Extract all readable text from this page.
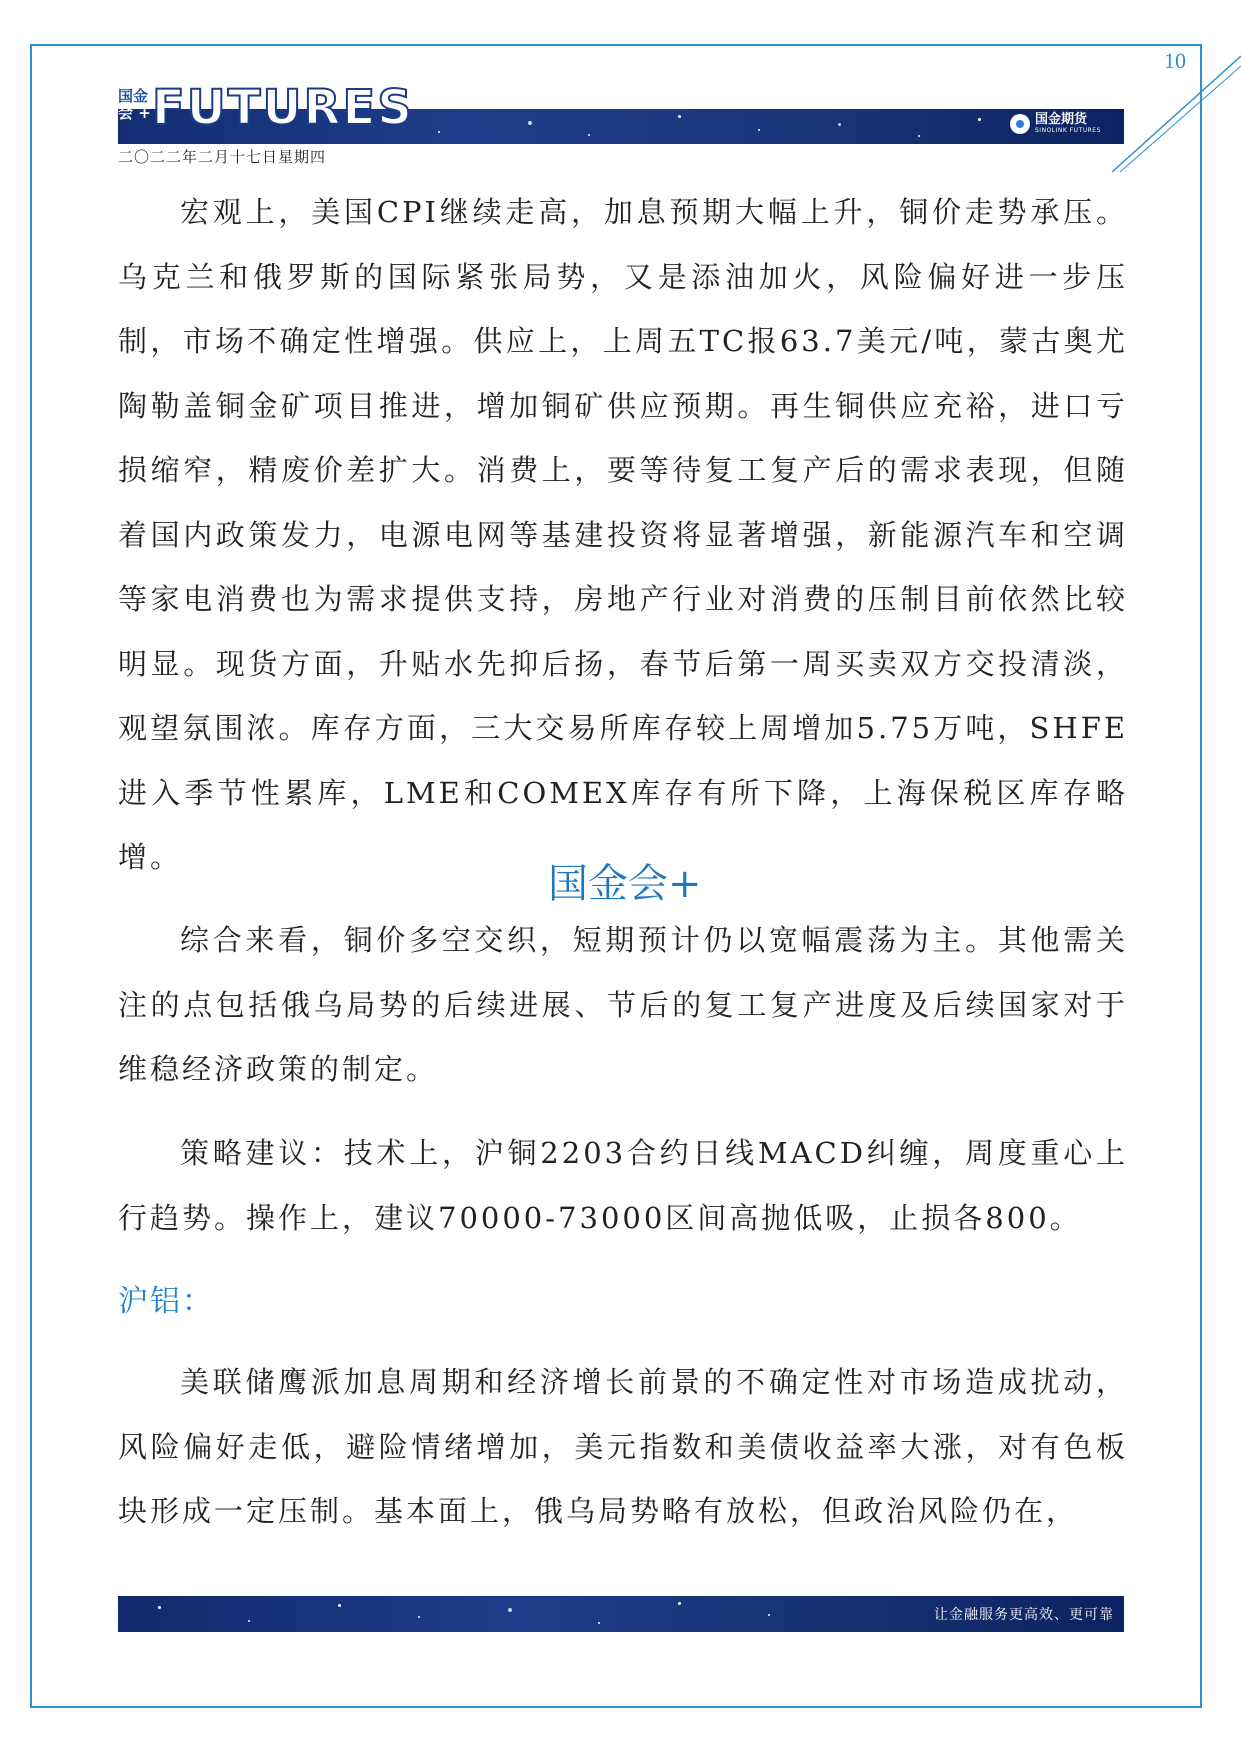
10
国金
会 + FUTURES	国金期货
SINOLINK FUTURES
二〇二二年二月十七日星期四

宏观上，美国CPI继续走高，加息预期大幅上升，铜价走势承压。乌克兰和俄罗斯的国际紧张局势，又是添油加火，风险偏好进一步压制，市场不确定性增强。供应上，上周五TC报63.7美元/吨，蒙古奥尤陶勒盖铜金矿项目推进，增加铜矿供应预期。再生铜供应充裕，进口亏损缩窄，精废价差扩大。消费上，要等待复工复产后的需求表现，但随着国内政策发力，电源电网等基建投资将显著增强，新能源汽车和空调等家电消费也为需求提供支持，房地产行业对消费的压制目前依然比较明显。现货方面，升贴水先抑后扬，春节后第一周买卖双方交投清淡，观望氛围浓。库存方面，三大交易所库存较上周增加5.75万吨，SHFE进入季节性累库，LME和COMEX库存有所下降，上海保税区库存略增。

国金会+

综合来看，铜价多空交织，短期预计仍以宽幅震荡为主。其他需关注的点包括俄乌局势的后续进展、节后的复工复产进度及后续国家对于维稳经济政策的制定。

策略建议：技术上，沪铜2203合约日线MACD纠缠，周度重心上行趋势。操作上，建议70000-73000区间高抛低吸，止损各800。

沪铝：

美联储鹰派加息周期和经济增长前景的不确定性对市场造成扰动，风险偏好走低，避险情绪增加，美元指数和美债收益率大涨，对有色板块形成一定压制。基本面上，俄乌局势略有放松，但政治风险仍在，

让金融服务更高效、更可靠
